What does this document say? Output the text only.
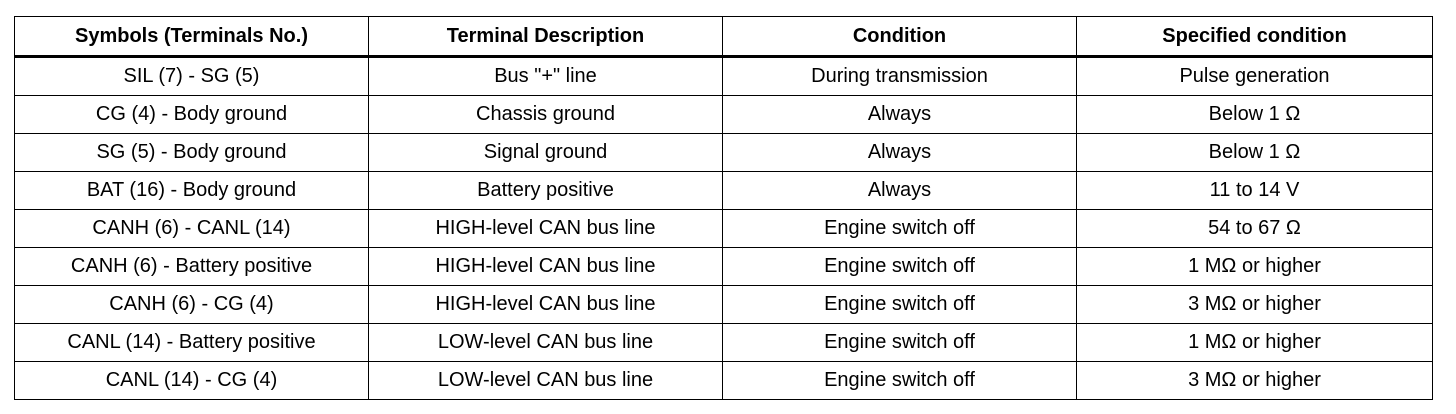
Symbols (Terminals No.)	Terminal Description	Condition	Specified condition
SIL (7) - SG (5)	Bus "+" line	During transmission	Pulse generation
CG (4) - Body ground	Chassis ground	Always	Below 1 Ω
SG (5) - Body ground	Signal ground	Always	Below 1 Ω
BAT (16) - Body ground	Battery positive	Always	11 to 14 V
CANH (6) - CANL (14)	HIGH-level CAN bus line	Engine switch off	54 to 67 Ω
CANH (6) - Battery positive	HIGH-level CAN bus line	Engine switch off	1 MΩ or higher
CANH (6) - CG (4)	HIGH-level CAN bus line	Engine switch off	3 MΩ or higher
CANL (14) - Battery positive	LOW-level CAN bus line	Engine switch off	1 MΩ or higher
CANL (14) - CG (4)	LOW-level CAN bus line	Engine switch off	3 MΩ or higher
